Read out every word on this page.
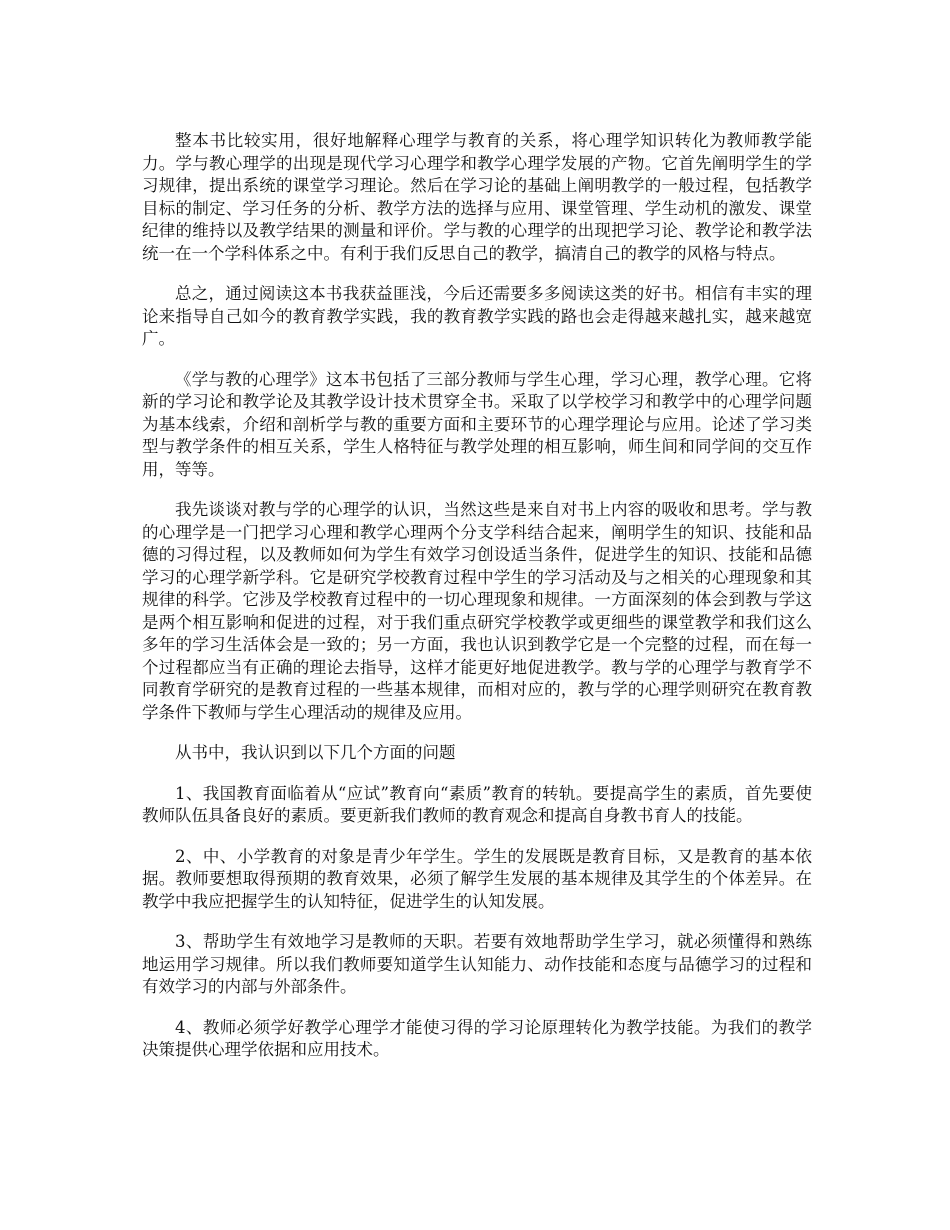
整本书比较实用，很好地解释心理学与教育的关系，将心理学知识转化为教师教学能力。学与教心理学的出现是现代学习心理学和教学心理学发展的产物。它首先阐明学生的学习规律，提出系统的课堂学习理论。然后在学习论的基础上阐明教学的一般过程，包括教学目标的制定、学习任务的分析、教学方法的选择与应用、课堂管理、学生动机的激发、课堂纪律的维持以及教学结果的测量和评价。学与教的心理学的出现把学习论、教学论和教学法统一在一个学科体系之中。有利于我们反思自己的教学，搞清自己的教学的风格与特点。

总之，通过阅读这本书我获益匪浅，今后还需要多多阅读这类的好书。相信有丰实的理论来指导自己如今的教育教学实践，我的教育教学实践的路也会走得越来越扎实，越来越宽广。

《学与教的心理学》这本书包括了三部分教师与学生心理，学习心理，教学心理。它将新的学习论和教学论及其教学设计技术贯穿全书。采取了以学校学习和教学中的心理学问题为基本线索，介绍和剖析学与教的重要方面和主要环节的心理学理论与应用。论述了学习类型与教学条件的相互关系，学生人格特征与教学处理的相互影响，师生间和同学间的交互作用，等等。

我先谈谈对教与学的心理学的认识，当然这些是来自对书上内容的吸收和思考。学与教的心理学是一门把学习心理和教学心理两个分支学科结合起来，阐明学生的知识、技能和品德的习得过程，以及教师如何为学生有效学习创设适当条件，促进学生的知识、技能和品德学习的心理学新学科。它是研究学校教育过程中学生的学习活动及与之相关的心理现象和其规律的科学。它涉及学校教育过程中的一切心理现象和规律。一方面深刻的体会到教与学这是两个相互影响和促进的过程，对于我们重点研究学校教学或更细些的课堂教学和我们这么多年的学习生活体会是一致的；另一方面，我也认识到教学它是一个完整的过程，而在每一个过程都应当有正确的理论去指导，这样才能更好地促进教学。教与学的心理学与教育学不同教育学研究的是教育过程的一些基本规律，而相对应的，教与学的心理学则研究在教育教学条件下教师与学生心理活动的规律及应用。

从书中，我认识到以下几个方面的问题

1、我国教育面临着从“应试”教育向“素质”教育的转轨。要提高学生的素质，首先要使教师队伍具备良好的素质。要更新我们教师的教育观念和提高自身教书育人的技能。

2、中、小学教育的对象是青少年学生。学生的发展既是教育目标，又是教育的基本依据。教师要想取得预期的教育效果，必须了解学生发展的基本规律及其学生的个体差异。在教学中我应把握学生的认知特征，促进学生的认知发展。

3、帮助学生有效地学习是教师的天职。若要有效地帮助学生学习，就必须懂得和熟练地运用学习规律。所以我们教师要知道学生认知能力、动作技能和态度与品德学习的过程和有效学习的内部与外部条件。

4、教师必须学好教学心理学才能使习得的学习论原理转化为教学技能。为我们的教学决策提供心理学依据和应用技术。
